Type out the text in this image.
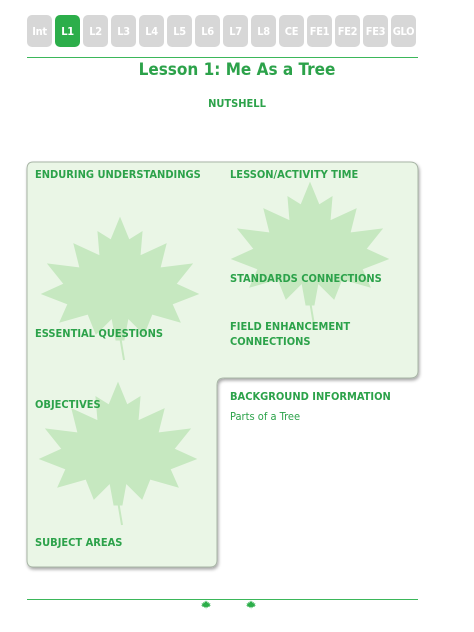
Int	L1	L2	L3	L4	L5	L6	L7	L8	CE	FE1 FE2 FE3 GLO
Lesson 1: Me As a Tree
NUTSHELL
ENDURING UNDERSTANDINGS
ESSENTIAL QUESTIONS
OBJECTIVES
SUBJECT AREAS
LESSON/ACTIVITY TIME
STANDARDS CONNECTIONS
FIELD ENHANCEMENT
CONNECTIONS
BACKGROUND INFORMATION
Parts of a Tree
